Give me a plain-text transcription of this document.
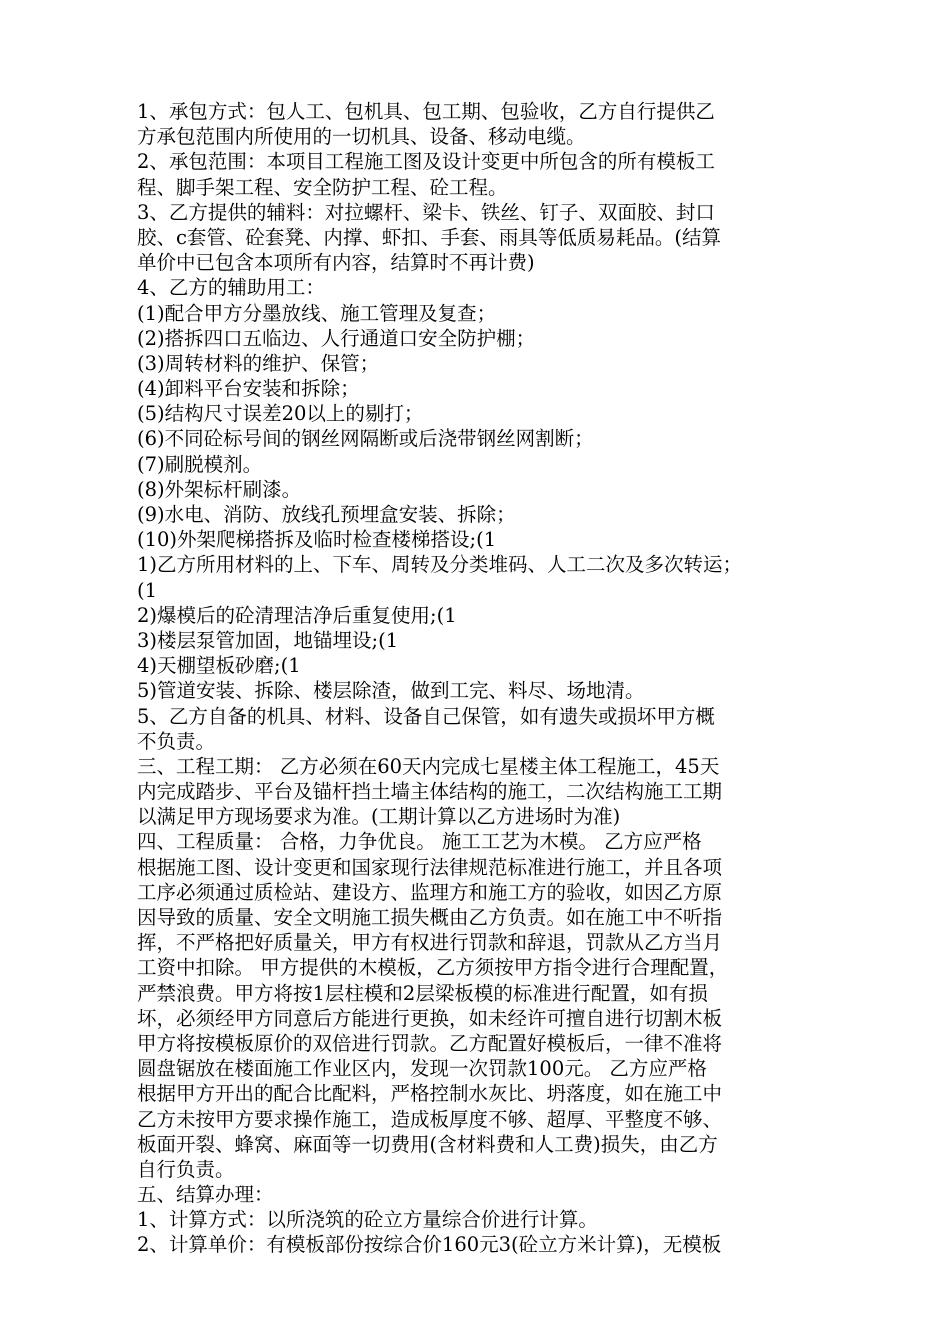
1、承包方式：包人工、包机具、包工期、包验收，乙方自行提供乙
方承包范围内所使用的一切机具、设备、移动电缆。
2、承包范围：本项目工程施工图及设计变更中所包含的所有模板工
程、脚手架工程、安全防护工程、砼工程。
3、乙方提供的辅料：对拉螺杆、梁卡、铁丝、钉子、双面胶、封口
胶、c套管、砼套凳、内撑、虾扣、手套、雨具等低质易耗品。(结算
单价中已包含本项所有内容，结算时不再计费)
4、乙方的辅助用工：
(1)配合甲方分墨放线、施工管理及复查；
(2)搭拆四口五临边、人行通道口安全防护棚；
(3)周转材料的维护、保管；
(4)卸料平台安装和拆除；
(5)结构尺寸误差20以上的剔打；
(6)不同砼标号间的钢丝网隔断或后浇带钢丝网割断；
(7)刷脱模剂。
(8)外架标杆刷漆。
(9)水电、消防、放线孔预埋盒安装、拆除；
(10)外架爬梯搭拆及临时检查楼梯搭设;(1
1)乙方所用材料的上、下车、周转及分类堆码、人工二次及多次转运；
(1
2)爆模后的砼清理洁净后重复使用;(1
3)楼层泵管加固，地锚埋设;(1
4)天棚望板砂磨;(1
5)管道安装、拆除、楼层除渣，做到工完、料尽、场地清。
5、乙方自备的机具、材料、设备自己保管，如有遗失或损坏甲方概
不负责。
三、工程工期： 乙方必须在60天内完成七星楼主体工程施工，45天
内完成踏步、平台及锚杆挡土墙主体结构的施工，二次结构施工工期
以满足甲方现场要求为准。(工期计算以乙方进场时为准)
四、工程质量： 合格，力争优良。 施工工艺为木模。 乙方应严格
根据施工图、设计变更和国家现行法律规范标准进行施工，并且各项
工序必须通过质检站、建设方、监理方和施工方的验收，如因乙方原
因导致的质量、安全文明施工损失概由乙方负责。如在施工中不听指
挥，不严格把好质量关，甲方有权进行罚款和辞退，罚款从乙方当月
工资中扣除。 甲方提供的木模板，乙方须按甲方指令进行合理配置，
严禁浪费。甲方将按1层柱模和2层梁板模的标准进行配置，如有损
坏，必须经甲方同意后方能进行更换，如未经许可擅自进行切割木板
甲方将按模板原价的双倍进行罚款。乙方配置好模板后，一律不准将
圆盘锯放在楼面施工作业区内，发现一次罚款100元。 乙方应严格
根据甲方开出的配合比配料，严格控制水灰比、坍落度，如在施工中
乙方未按甲方要求操作施工，造成板厚度不够、超厚、平整度不够、
板面开裂、蜂窝、麻面等一切费用(含材料费和人工费)损失，由乙方
自行负责。
五、结算办理：
1、计算方式：以所浇筑的砼立方量综合价进行计算。
2、计算单价：有模板部份按综合价160元3(砼立方米计算)，无模板
